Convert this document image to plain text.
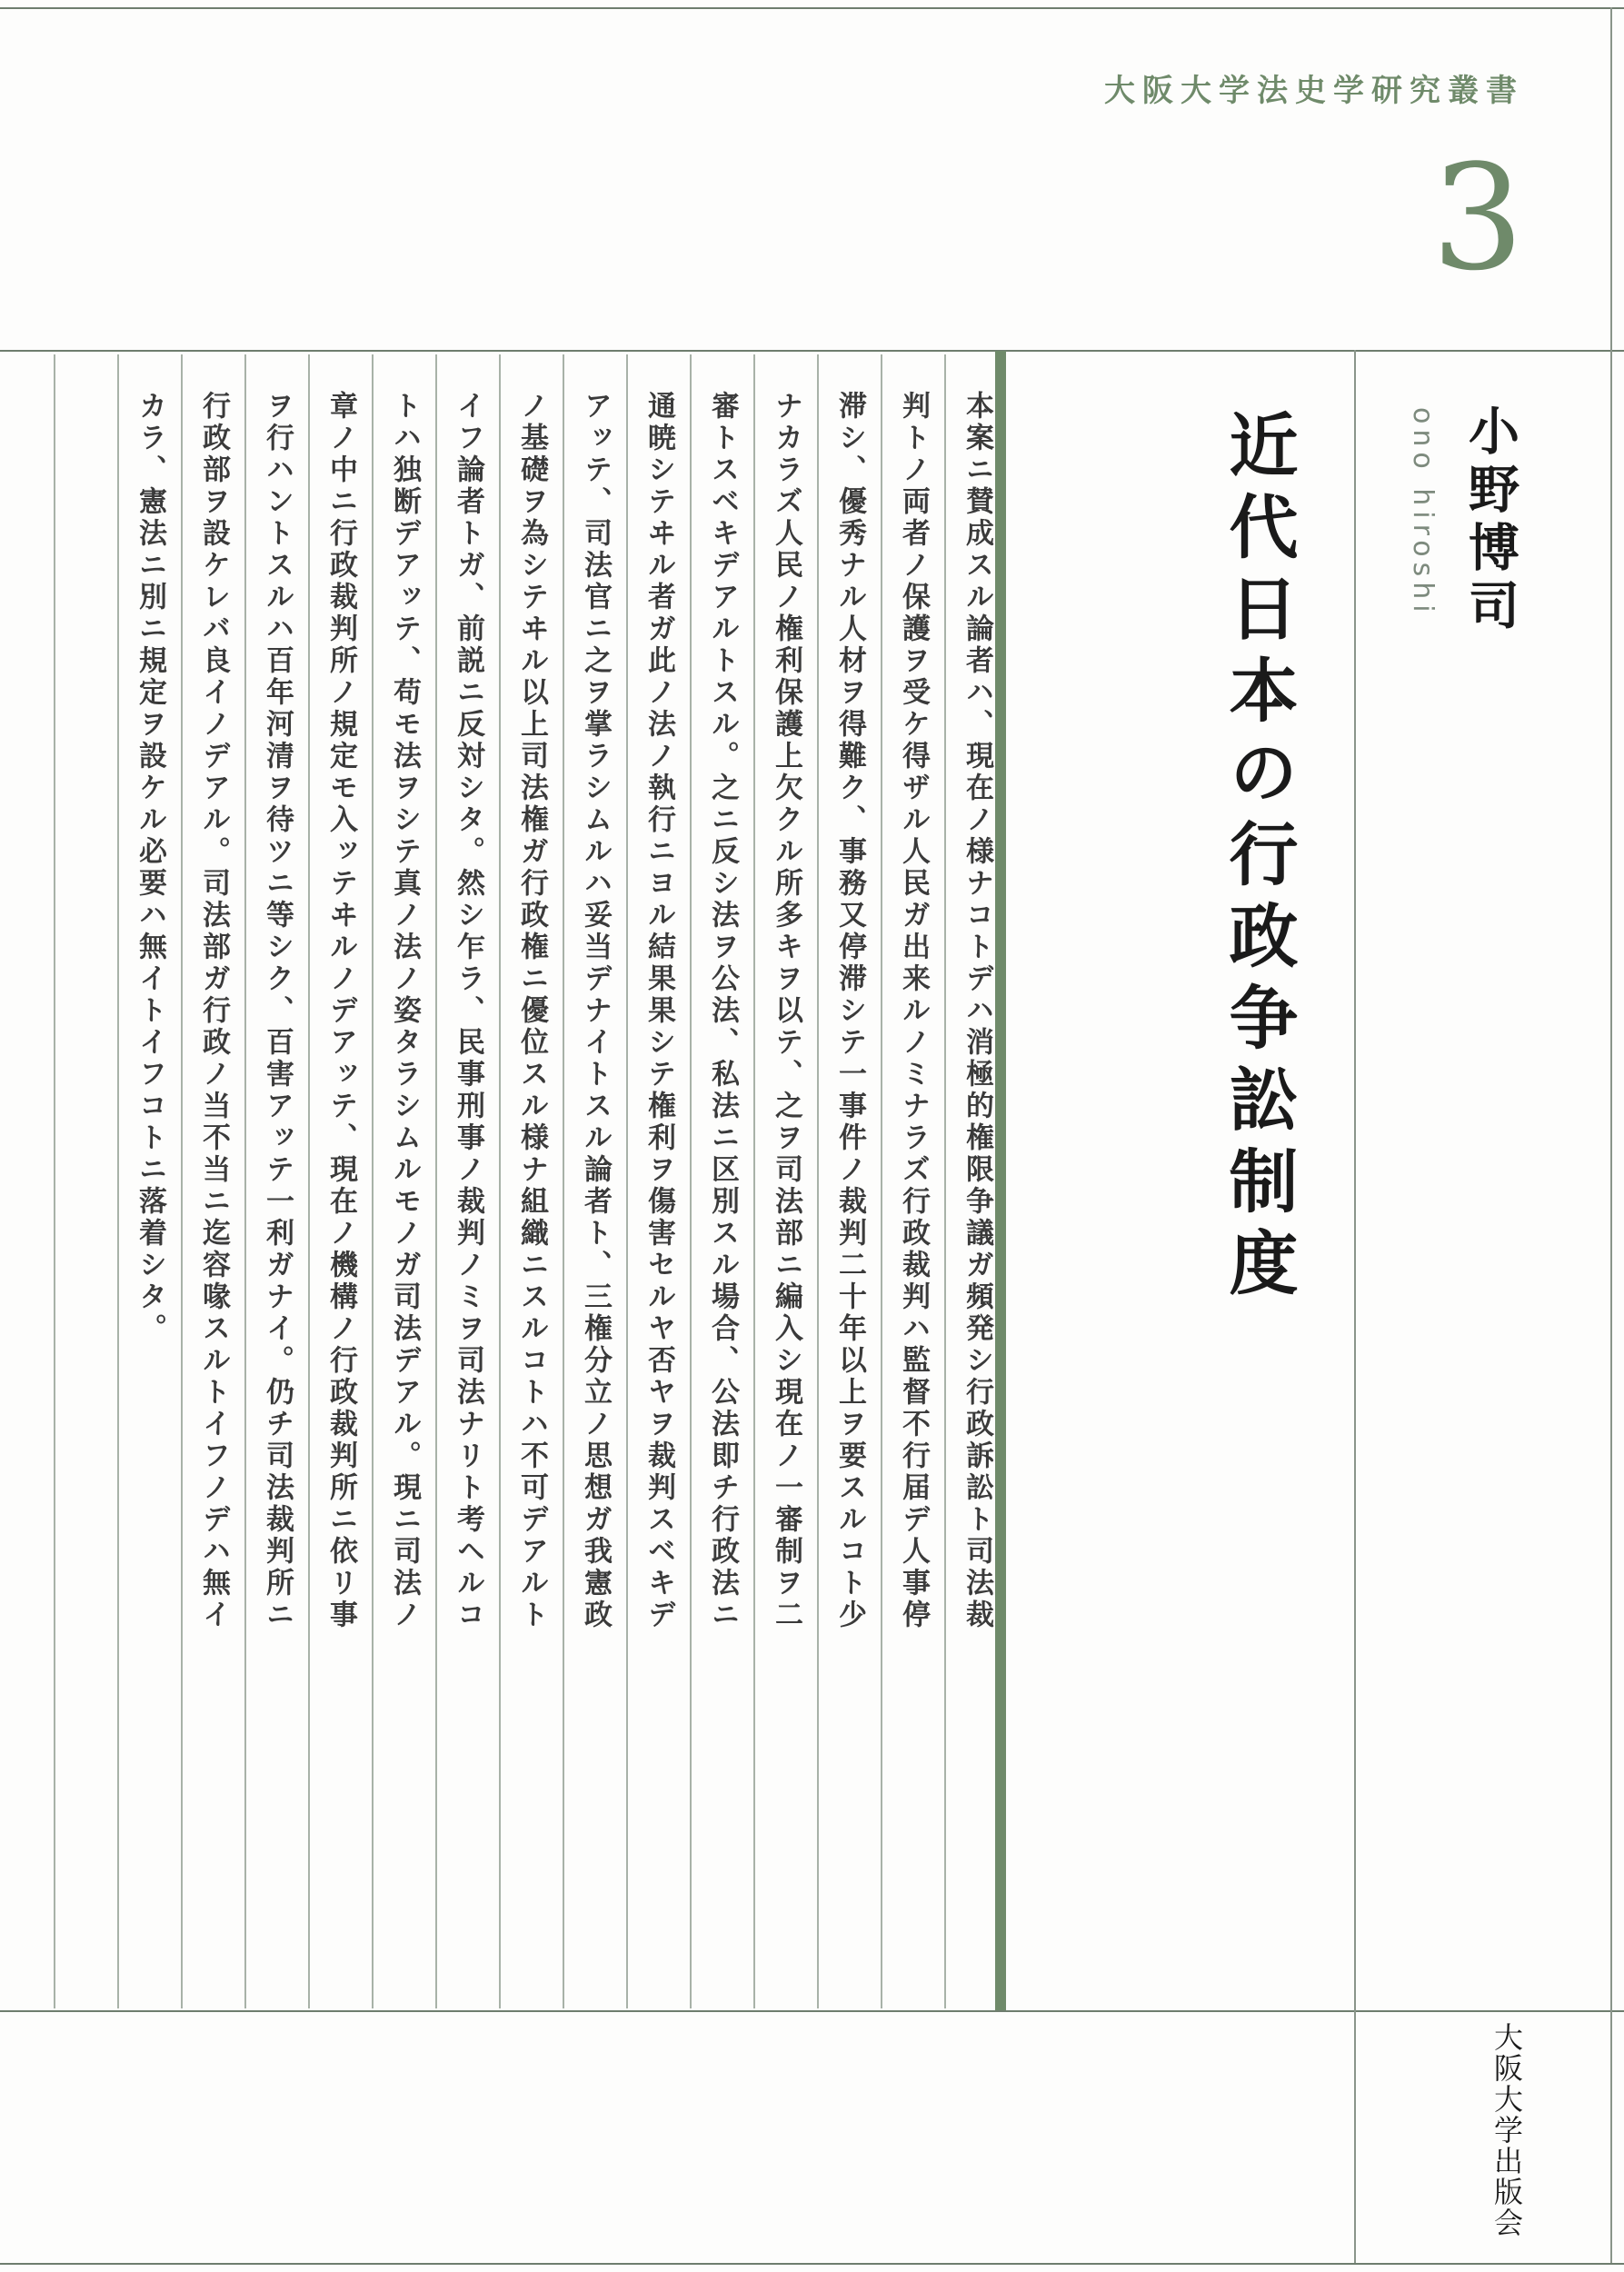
大阪大学法史学研究叢書
3
本案ニ賛成スル論者ハ、現在ノ様ナコトデハ消極的権限争議ガ頻発シ行政訴訟ト司法裁
判トノ両者ノ保護ヲ受ケ得ザル人民ガ出来ルノミナラズ行政裁判ハ監督不行届デ人事停
滞シ、優秀ナル人材ヲ得難ク、事務又停滞シテ一事件ノ裁判二十年以上ヲ要スルコト少
ナカラズ人民ノ権利保護上欠クル所多キヲ以テ、之ヲ司法部ニ編入シ現在ノ一審制ヲ二
審トスベキデアルトスル。之ニ反シ法ヲ公法、私法ニ区別スル場合、公法即チ行政法ニ
通暁シテヰル者ガ此ノ法ノ執行ニヨル結果果シテ権利ヲ傷害セルヤ否ヤヲ裁判スベキデ
アッテ、司法官ニ之ヲ掌ラシムルハ妥当デナイトスル論者ト、三権分立ノ思想ガ我憲政
ノ基礎ヲ為シテヰル以上司法権ガ行政権ニ優位スル様ナ組織ニスルコトハ不可デアルト
イフ論者トガ、前説ニ反対シタ。然シ乍ラ、民事刑事ノ裁判ノミヲ司法ナリト考ヘルコ
トハ独断デアッテ、苟モ法ヲシテ真ノ法ノ姿タラシムルモノガ司法デアル。現ニ司法ノ
章ノ中ニ行政裁判所ノ規定モ入ッテヰルノデアッテ、現在ノ機構ノ行政裁判所ニ依リ事
ヲ行ハントスルハ百年河清ヲ待ツニ等シク、百害アッテ一利ガナイ。仍チ司法裁判所ニ
行政部ヲ設ケレバ良イノデアル。司法部ガ行政ノ当不当ニ迄容喙スルトイフノデハ無イ
カラ、憲法ニ別ニ規定ヲ設ケル必要ハ無イトイフコトニ落着シタ。	近代日本の行政争訟制度	小野博司
ono hiroshi
大阪大学出版会
